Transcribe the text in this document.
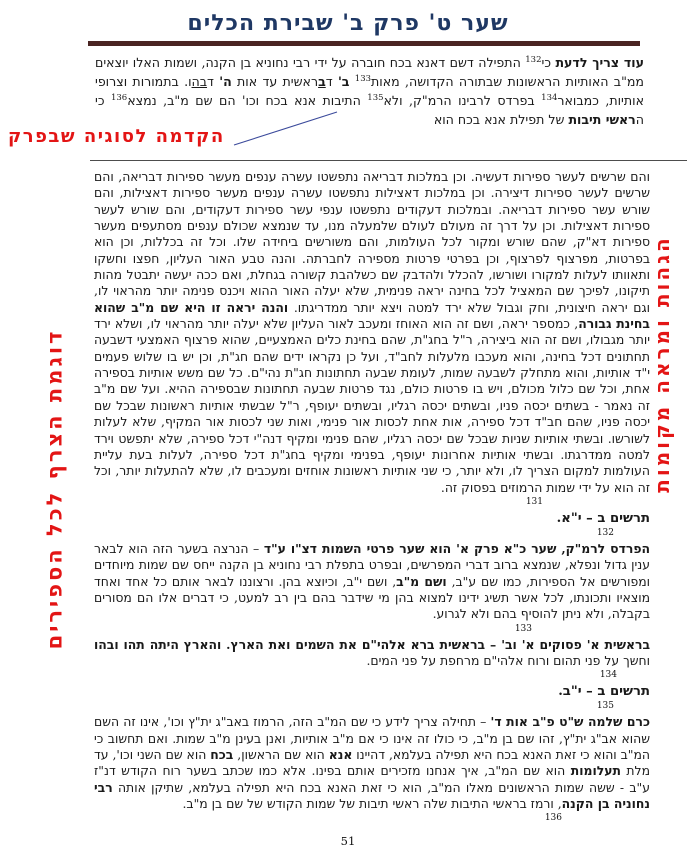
שער ט' פרק ב' שבירת הכלים
עוד צריך לדעת כי$^{132}$ התפילה דשם דאנא בכח חוברה על ידי רבי נחוניא בן הקנה, ושמות האלו יוצאים ממ"ב האותיות הראשונות שבתורה הקדושה, מאות$^{133}$ ב' דבראשית עד אות ה' דבהו. בתמורות וצרופי אותיות, כמבואר$^{134}$ בפרדס לרבינו הרמ"ק, ולא$^{135}$ התיבות אנא בכח וכו' הם שם מ"ב, נמצא$^{136}$ כי הראשי תיבות של תפילת אנא בכח הוא
הקדמה לסוגיה שבפרק

והם שרשים לעשר ספירות דעשיה. וכן במלכות דבריאה נתפשטו עשרה ענפים מעשר ספירות דבריאה, והם שרשים לעשר ספירות דיצירה. וכן במלכות דאצילות נתפשטו עשרה ענפים מעשר ספירות דאצילות, והם שורש עשר ספירות דבריאה. ובמלכות דעקודים נתפשטו ענפי עשר ספירות דעקודים, והם שורש לעשר ספירות דאצילות. וכן על דרך זה מעולם לעולם שלמעלה מנו, עד שנמצא שכולם ענפים מסתעפים מעשר ספירות דא"ק, שהם שורש ומקור לכל העולמות, והם משורשים ביחידה שלו. וכל זה בכללות, וכן הוא בפרטות, מפרצוף לפרצוף, וכן בפרטי פרטות מספירה לחברתה. והנה טבע האור העליון, חפצו וחשקו ותאוותו לעלות למקורו ושורשו, להכלל ולהדבק שם כשלהבת קשורה בגחלת, ואם ככה יעשה יתבטל מהות תיקונו, לפיכך שם המאציל לכל בחינה יראה פנימית, שלא יעלה האור ההוא ויכנס פנימה יותר מהראוי לו, וגם יראה חיצונית, וחק וגבול שלא ירד למטה ויצא יותר ממדריגתו. והנה יראה זו היא שם מ"ב שהוא בחינת גבורה, כמספר יראה, ושם זה הוא האוחז ומעכב לאור העליון שלא יעלה יותר מהראוי לו, ושלא ירד יותר מגבולו, ושם זה הוא ביצירה, ר"ל בחג"ת, שהם בחינת כלים האמצעיים, שהוא פרצוף האמצעי דשבעה תחתונים דכל בחינה, והוא מעכבו מלעלות לחב"ד, ועל כן נקראו ידים שהם חג"ת, וכן יש בו שלוש פעמים י"ד אותיות, והוא מתחלק לשבעה שמות, לעומת שבעה תחתונות חג"ת נהי"ם. כל שם משש אותיות בספירה אחת, וכל שם כלול מכולם, ויש בו פרטות כולם, נגד פרטות שבעה תחתונות שבספירה ההיא. ועל שם מ"ב זה נאמר - בשתים יכסה פניו, ובשתים יכסה רגליו, ובשתים יעופף, ר"ל שבשתי אותיות ראשונות שבכל שם יכסה פניו, שהם חב"ד דכל ספירה, אות אחת לכסות אור פנימי, ואות שני לכסות אור המקיף, שלא לעלות לשורשו. ובשתי אותיות שניות שבכל שם יכסה רגליו, שהם פנימי ומקיף דנה"י דכל ספירה, שלא יתפשט וירד למטה ממדרגתו. ובשתי אותיות אחרונות יעופף, בפנימי ומקיף בחג"ת דכל ספירה, לעלות בעת עליית העולמות למקום הצריך לו, ולא יותר, כי שני אותיות ראשונות אוחזים ומעכבים לו, שלא להתעלות יותר, וכל זה הוא על ידי שמות הרמוזים בפסוק זה.

131
תרשים ב – י"א.
132

הפרדס לרמ"ק, שער כ"א פרק א' הוא שער פרטי השמות דצ"ו ע"ד – הנרצה בשער הזה הוא לבאר ענין גדול ונפלא, שנמצא ברוב דברי המפרשים, ובפרט בתפלת רבי נחוניא בן הקנה ייחס שם שמות מיוחדים ומפורשים אל הספירות, כמו שם ע"ב, ושם מ"ב, ושם י"ב, וכיוצא בהן. ורצוננו לבאר אותם כל אחד ואחד מוצאיו ותכונתו, לכל אשר תשיג ידינו למצוא בהן מי שידבר בהם בין רב למעט, כי דברים אלו הם מסורים בקבלה, ולא ניתן להוסיף בהם ולא לגרוע.

133

בראשית א' פסוקים א' וב' – בראשית ברא אלהי"ם את השמים ואת הארץ. והארץ היתה תהו ובהו וחשך על פני תהום ורוח אלהי"ם מרחפת על פני המים.

134
תרשים ב – י"ב.
135

כרם שלמה ש"ט פ"ב אות ד' – תחילה צריך לידע כי שם המ"ב הזה, הרמוז באב"ג ית"ץ וכו', אינו זה השם שהוא אב"ג ית"ץ, זהו שם בן מ"ב, כי כולו זה אינו כי אם מ"ב אותיות, ואנן בעינן מ"ב שמות. ואם תחשוב כי המ"ב והוא כי זאת האנא בכח היא תפילה בעלמא, דהיינו אנא הוא שם הראשון, בכח הוא שם השני וכו', עד מלת תעלומות הוא שם המ"ב, איך אנחנו מזכירים אותם בפינו. אלא כמו שכתב בשער רוח הקודש דנ"ז ע"ב - ששה שמות הראשונים מאלו המ"ב, הוא כי זאת האנא בכח היא תפילה בעלמא, שתיקן אותה רבי נחוניה בן הקנה, ורמז בראשי התיבות שלה ראשי תיבות של שמות הקודש של שם בן מ"ב.

136
הגהות ומראה מקומות
דוגמת הצרף לכל הספירים
51
